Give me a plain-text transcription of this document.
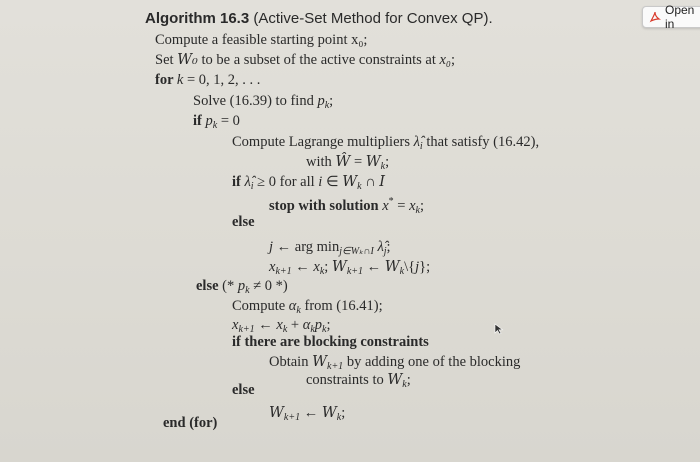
Open in
Algorithm 16.3 (Active-Set Method for Convex QP).
Compute a feasible starting point x₀;
Set W₀ to be a subset of the active constraints at x₀;
for k = 0, 1, 2, . . .
Solve (16.39) to find $p_k$;
if $p_k = 0$
Compute Lagrange multipliers $\lambdâ_i$ that satisfy (16.42),
with Ŵ = $W_k$;
if $\lambdâ_i \ge 0$ for all i ∈ $W_k$ ∩ I
stop with solution $x^* = x_k$;
else
j ← arg $\min_{j\in W_k\cap I}$ $\lambdâ_j$;
$x_{k+1}$ ← $x_k$; $W_{k+1}$ ← $W_k\backslash\{j\}$;
else (* $p_k \ne 0$ *)
Compute $\alpha_k$ from (16.41);
$x_{k+1}$ ← $x_k + \alpha_kp_k$;
if there are blocking constraints
Obtain $W_{k+1}$ by adding one of the blocking
constraints to $W_k$;
else
$W_{k+1}$ ← $W_k$;
end (for)
